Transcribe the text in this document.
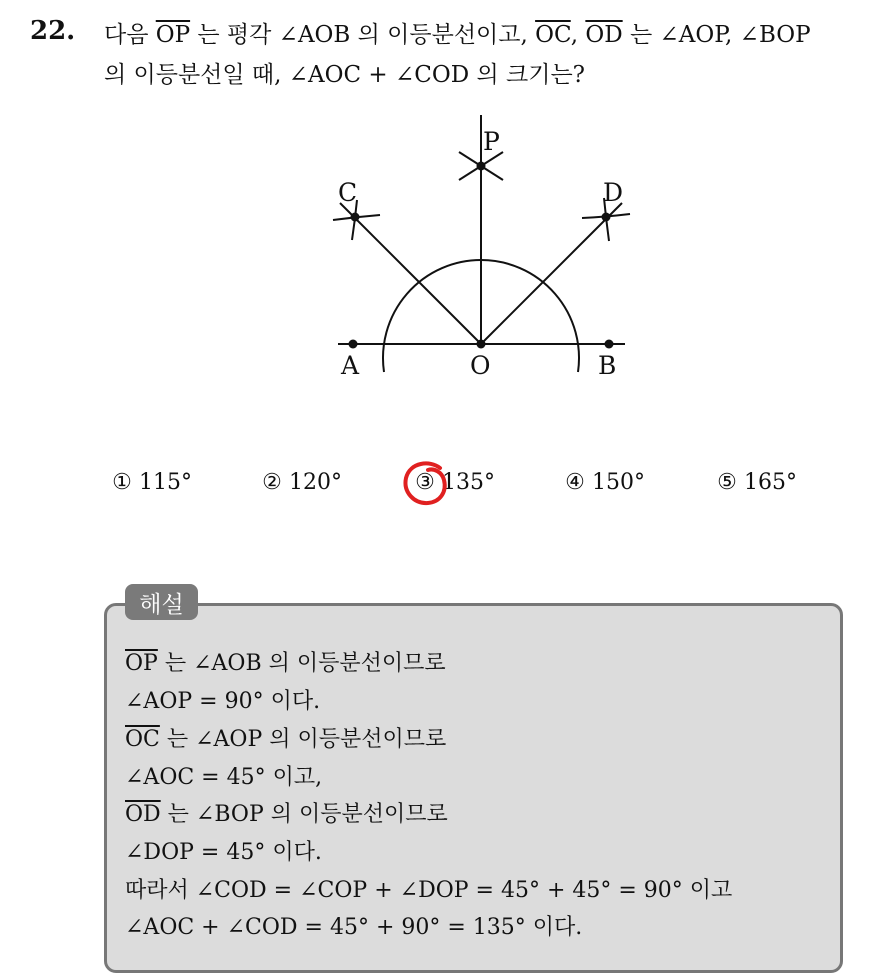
22. 다음 $\overline{OP}$ 는 평각 ∠AOB 의 이등분선이고, $\overline{OC}$, $\overline{OD}$ 는 ∠AOP, ∠BOP
의 이등분선일 때, ∠AOC + ∠COD 의 크기는?
A	O	B
P
C	D
① 115°	② 120°	③ 135°	④ 150°	⑤ 165°
해설
$\overline{OP}$ 는 ∠AOB 의 이등분선이므로
∠AOP = 90° 이다.
$\overline{OC}$ 는 ∠AOP 의 이등분선이므로
∠AOC = 45° 이고,
$\overline{OD}$ 는 ∠BOP 의 이등분선이므로
∠DOP = 45° 이다.
따라서 ∠COD = ∠COP + ∠DOP = 45° + 45° = 90° 이고
∠AOC + ∠COD = 45° + 90° = 135° 이다.
